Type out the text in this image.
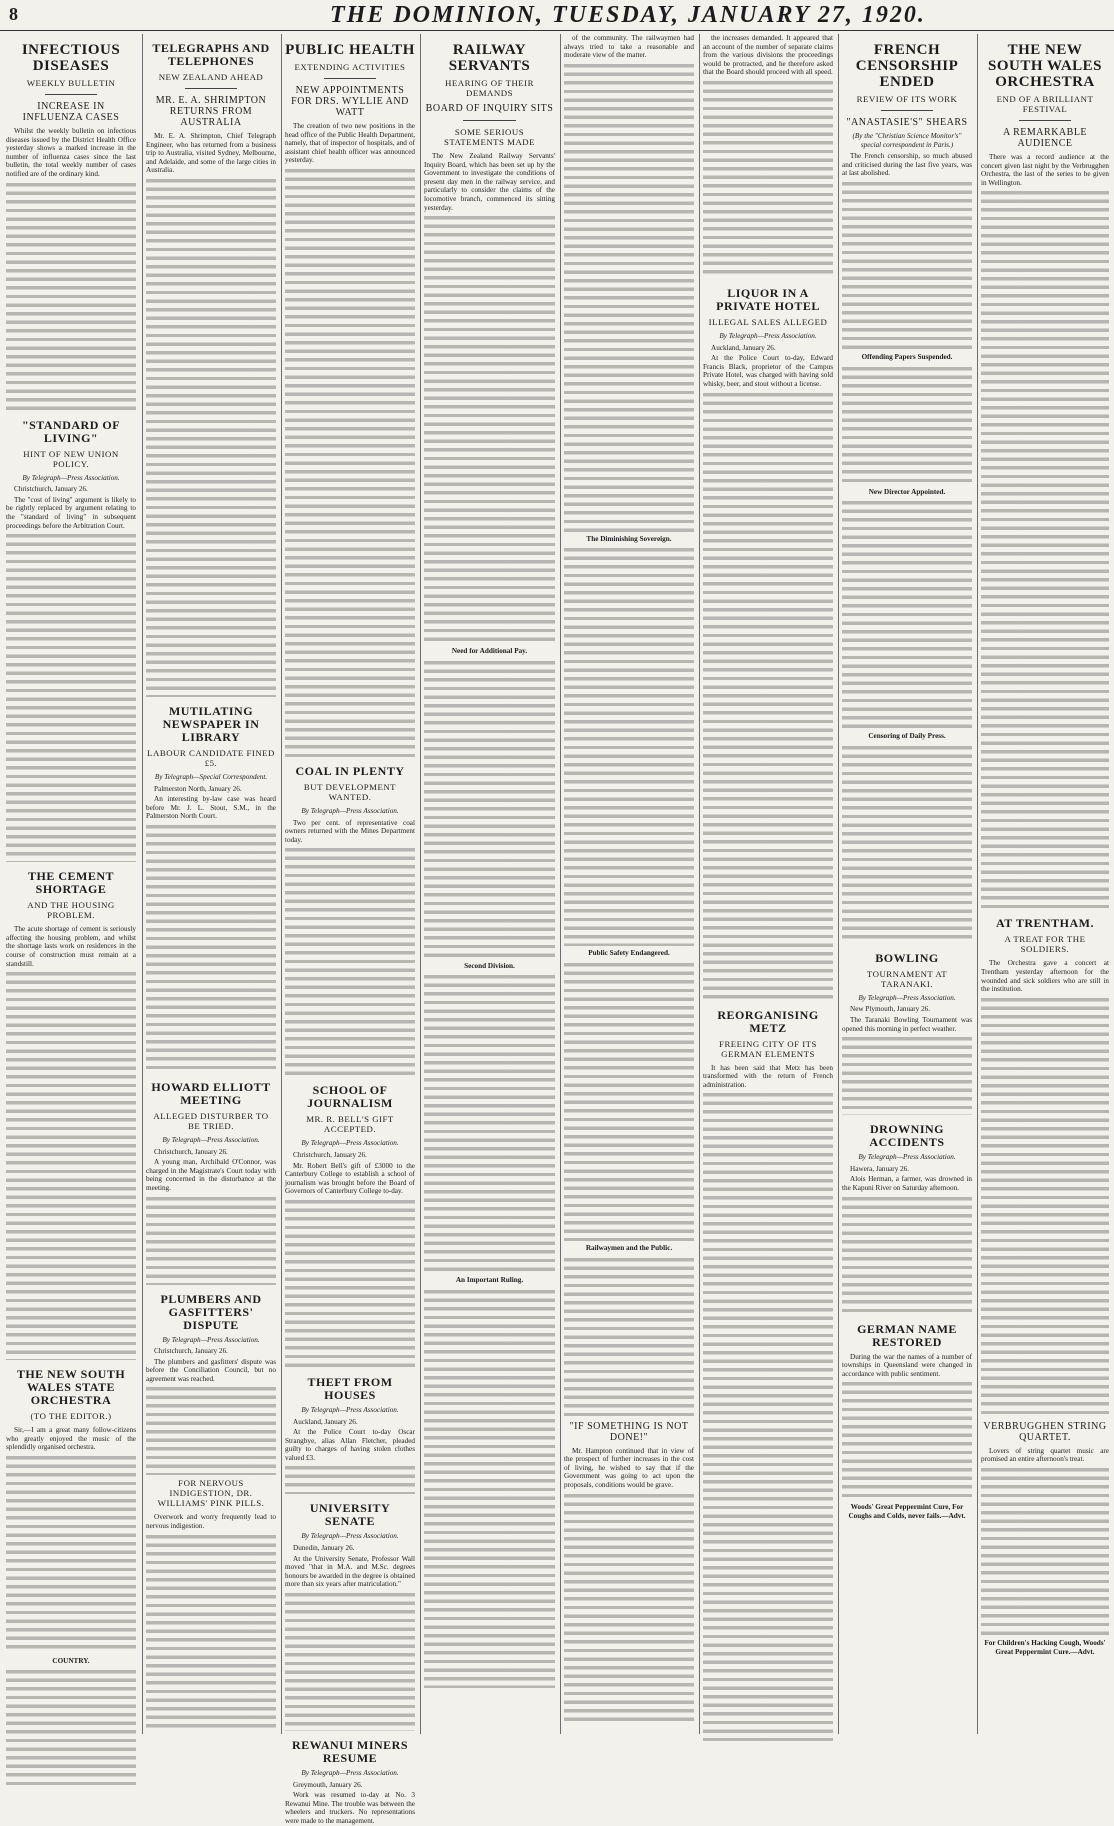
8	THE DOMINION, TUESDAY, JANUARY 27, 1920.
INFECTIOUS DISEASES
WEEKLY BULLETIN
INCREASE IN INFLUENZA CASES

Whilst the weekly bulletin on infectious diseases issued by the District Health Office yesterday shows a marked increase in the number of influenza cases since the last bulletin, the total weekly number of cases notified are of the ordinary kind.

"STANDARD OF LIVING"
HINT OF NEW UNION POLICY.
By Telegraph—Press Association.

Christchurch, January 26.

The "cost of living" argument is likely to be rightly replaced by argument relating to the "standard of living" in subsequent proceedings before the Arbitration Court.

THE CEMENT SHORTAGE
AND THE HOUSING PROBLEM.

The acute shortage of cement is seriously affecting the housing problem, and whilst the shortage lasts work on residences in the course of construction must remain at a standstill.

THE NEW SOUTH WALES STATE ORCHESTRA
(TO THE EDITOR.)

Sir,—I am a great many follow-citizens who greatly enjoyed the music of the splendidly organised orchestra.

COUNTRY.

TELEGRAPHS AND TELEPHONES
NEW ZEALAND AHEAD
MR. E. A. SHRIMPTON RETURNS FROM AUSTRALIA

Mr. E. A. Shrimpton, Chief Telegraph Engineer, who has returned from a business trip to Australia, visited Sydney, Melbourne, and Adelaide, and some of the large cities in Australia.

MUTILATING NEWSPAPER IN LIBRARY
LABOUR CANDIDATE FINED £5.
By Telegraph—Special Correspondent.

Palmerston North, January 26.

An interesting by-law case was heard before Mr. J. L. Stout, S.M., in the Palmerston North Court.

HOWARD ELLIOTT MEETING
ALLEGED DISTURBER TO BE TRIED.
By Telegraph—Press Association.

Christchurch, January 26.

A young man, Archibald O'Connor, was charged in the Magistrate's Court today with being concerned in the disturbance at the meeting.

PLUMBERS AND GASFITTERS' DISPUTE
By Telegraph—Press Association.

Christchurch, January 26.

The plumbers and gasfitters' dispute was before the Conciliation Council, but no agreement was reached.

FOR NERVOUS INDIGESTION, DR. WILLIAMS' PINK PILLS.

Overwork and worry frequently lead to nervous indigestion.

PUBLIC HEALTH
EXTENDING ACTIVITIES
NEW APPOINTMENTS FOR DRS. WYLLIE AND WATT

The creation of two new positions in the head office of the Public Health Department, namely, that of inspector of hospitals, and of assistant chief health officer was announced yesterday.

COAL IN PLENTY
BUT DEVELOPMENT WANTED.
By Telegraph—Press Association.

Two per cent. of representative coal owners returned with the Mines Department today.

SCHOOL OF JOURNALISM
MR. R. BELL'S GIFT ACCEPTED.
By Telegraph—Press Association.

Christchurch, January 26.

Mr. Robert Bell's gift of £3000 to the Canterbury College to establish a school of journalism was brought before the Board of Governors of Canterbury College to-day.

THEFT FROM HOUSES
By Telegraph—Press Association.

Auckland, January 26.

At the Police Court to-day Oscar Strangbye, alias Allan Fletcher, pleaded guilty to charges of having stolen clothes valued £3.

UNIVERSITY SENATE
By Telegraph—Press Association.

Dunedin, January 26.

At the University Senate, Professor Wall moved "that in M.A. and M.Sc. degrees honours be awarded in the degree is obtained more than six years after matriculation."

REWANUI MINERS RESUME
By Telegraph—Press Association.

Greymouth, January 26.

Work was resumed to-day at No. 3 Rewanui Mine. The trouble was between the wheelers and truckers. No representations were made to the management.

RAILWAY SERVANTS
HEARING OF THEIR DEMANDS
BOARD OF INQUIRY SITS
SOME SERIOUS STATEMENTS MADE

The New Zealand Railway Servants' Inquiry Board, which has been set up by the Government to investigate the conditions of present day men in the railway service, and particularly to consider the claims of the locomotive branch, commenced its sitting yesterday.

Need for Additional Pay.

Second Division.

An Important Ruling.

of the community. The railwaymen had always tried to take a reasonable and moderate view of the matter.

The Diminishing Sovereign.

Public Safety Endangered.

Railwaymen and the Public.

"IF SOMETHING IS NOT DONE!"

Mr. Hampton continued that in view of the prospect of further increases in the cost of living, he wished to say that if the Government was going to act upon the proposals, conditions would be grave.

the increases demanded. It appeared that an account of the number of separate claims from the various divisions the proceedings would be protracted, and he therefore asked that the Board should proceed with all speed.

LIQUOR IN A PRIVATE HOTEL
ILLEGAL SALES ALLEGED
By Telegraph—Press Association.

Auckland, January 26.

At the Police Court to-day, Edward Francis Black, proprietor of the Campus Private Hotel, was charged with having sold whisky, beer, and stout without a license.

REORGANISING METZ
FREEING CITY OF ITS GERMAN ELEMENTS

It has been said that Metz has been transformed with the return of French administration.

FRENCH CENSORSHIP ENDED
REVIEW OF ITS WORK
"ANASTASIE'S" SHEARS
(By the "Christian Science Monitor's" special correspondent in Paris.)

The French censorship, so much abused and criticised during the last five years, was at last abolished.

Offending Papers Suspended.

New Director Appointed.

Censoring of Daily Press.

BOWLING
TOURNAMENT AT TARANAKI.
By Telegraph—Press Association.

New Plymouth, January 26.

The Taranaki Bowling Tournament was opened this morning in perfect weather.

DROWNING ACCIDENTS
By Telegraph—Press Association.

Hawera, January 26.

Alois Herman, a farmer, was drowned in the Kapuni River on Saturday afternoon.

GERMAN NAME RESTORED

During the war the names of a number of townships in Queensland were changed in accordance with public sentiment.

Woods' Great Peppermint Cure, For Coughs and Colds, never fails.—Advt.

THE NEW SOUTH WALES ORCHESTRA
END OF A BRILLIANT FESTIVAL
A REMARKABLE AUDIENCE

There was a record audience at the concert given last night by the Verbrugghen Orchestra, the last of the series to be given in Wellington.

AT TRENTHAM.
A TREAT FOR THE SOLDIERS.

The Orchestra gave a concert at Trentham yesterday afternoon for the wounded and sick soldiers who are still in the institution.

VERBRUGGHEN STRING QUARTET.

Lovers of string quartet music are promised an entire afternoon's treat.

For Children's Hacking Cough, Woods' Great Peppermint Cure.—Advt.
